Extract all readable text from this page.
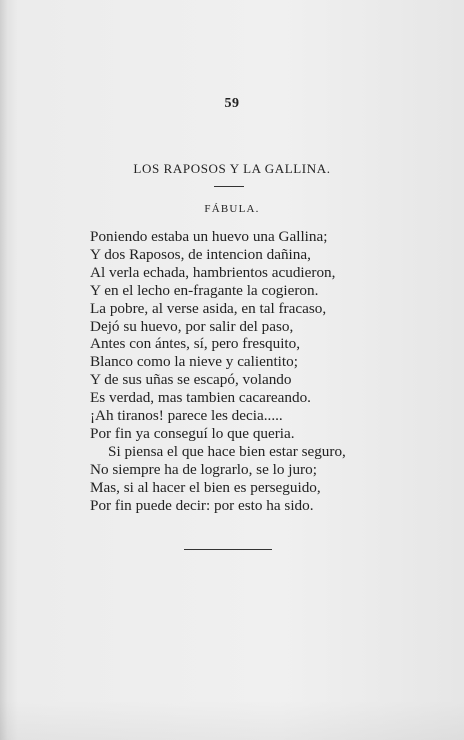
59
LOS RAPOSOS Y LA GALLINA.
FÁBULA.
Poniendo estaba un huevo una Gallina;
Y dos Raposos, de intencion dañina,
Al verla echada, hambrientos acudieron,
Y en el lecho en-fragante la cogieron.
La pobre, al verse asida, en tal fracaso,
Dejó su huevo, por salir del paso,
Antes con ántes, sí, pero fresquito,
Blanco como la nieve y calientito;
Y de sus uñas se escapó, volando
Es verdad, mas tambien cacareando.
¡Ah tiranos! parece les decia.....
Por fin ya conseguí lo que queria.
Si piensa el que hace bien estar seguro,
No siempre ha de lograrlo, se lo juro;
Mas, si al hacer el bien es perseguido,
Por fin puede decir: por esto ha sido.
